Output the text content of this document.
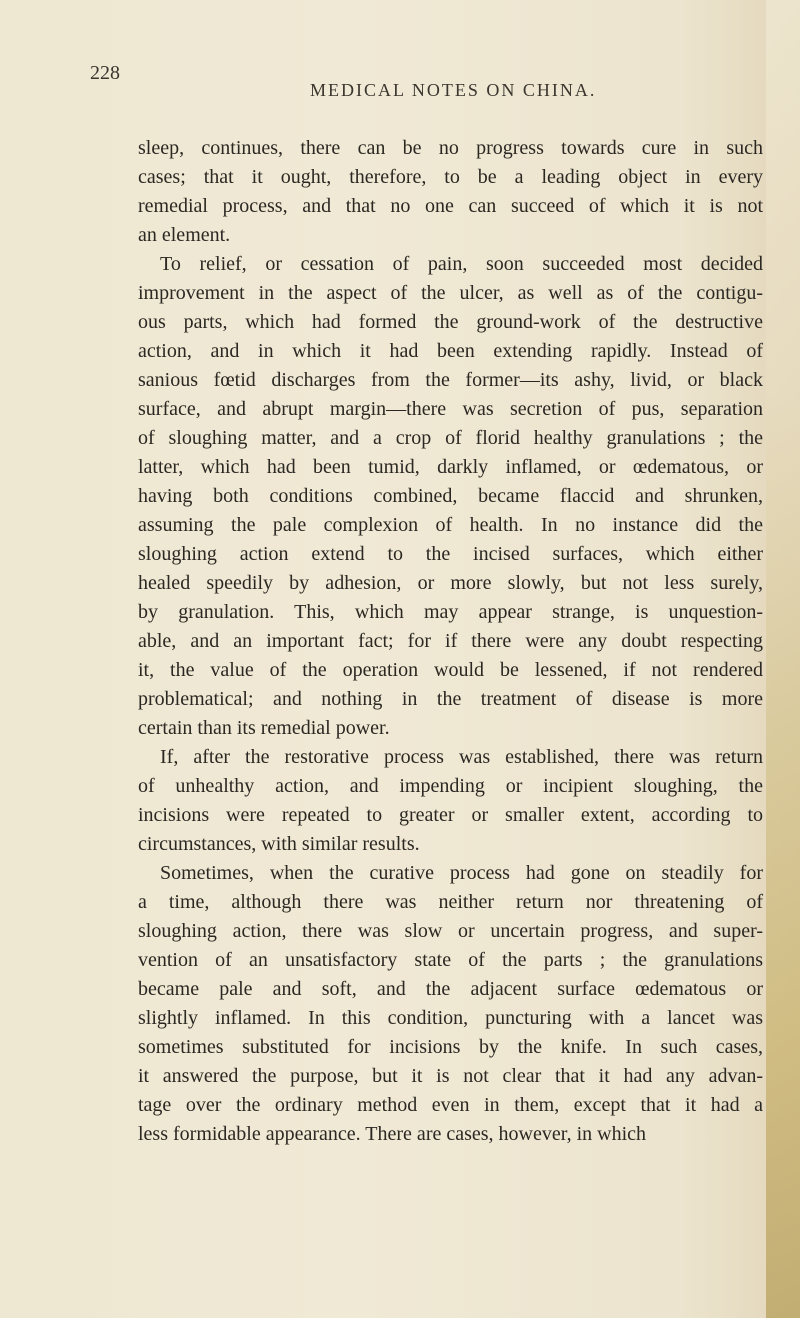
228
MEDICAL NOTES ON CHINA.
sleep, continues, there can be no progress towards cure in such
cases; that it ought, therefore, to be a leading object in every
remedial process, and that no one can succeed of which it is not
an element.
To relief, or cessation of pain, soon succeeded most decided
improvement in the aspect of the ulcer, as well as of the contigu-
ous parts, which had formed the ground-work of the destructive
action, and in which it had been extending rapidly. Instead of
sanious fœtid discharges from the former—its ashy, livid, or black
surface, and abrupt margin—there was secretion of pus, separation
of sloughing matter, and a crop of florid healthy granulations ; the
latter, which had been tumid, darkly inflamed, or œdematous, or
having both conditions combined, became flaccid and shrunken,
assuming the pale complexion of health. In no instance did the
sloughing action extend to the incised surfaces, which either
healed speedily by adhesion, or more slowly, but not less surely,
by granulation. This, which may appear strange, is unquestion-
able, and an important fact; for if there were any doubt respecting
it, the value of the operation would be lessened, if not rendered
problematical; and nothing in the treatment of disease is more
certain than its remedial power.
If, after the restorative process was established, there was return
of unhealthy action, and impending or incipient sloughing, the
incisions were repeated to greater or smaller extent, according to
circumstances, with similar results.
Sometimes, when the curative process had gone on steadily for
a time, although there was neither return nor threatening of
sloughing action, there was slow or uncertain progress, and super-
vention of an unsatisfactory state of the parts ; the granulations
became pale and soft, and the adjacent surface œdematous or
slightly inflamed. In this condition, puncturing with a lancet was
sometimes substituted for incisions by the knife. In such cases,
it answered the purpose, but it is not clear that it had any advan-
tage over the ordinary method even in them, except that it had a
less formidable appearance. There are cases, however, in which
